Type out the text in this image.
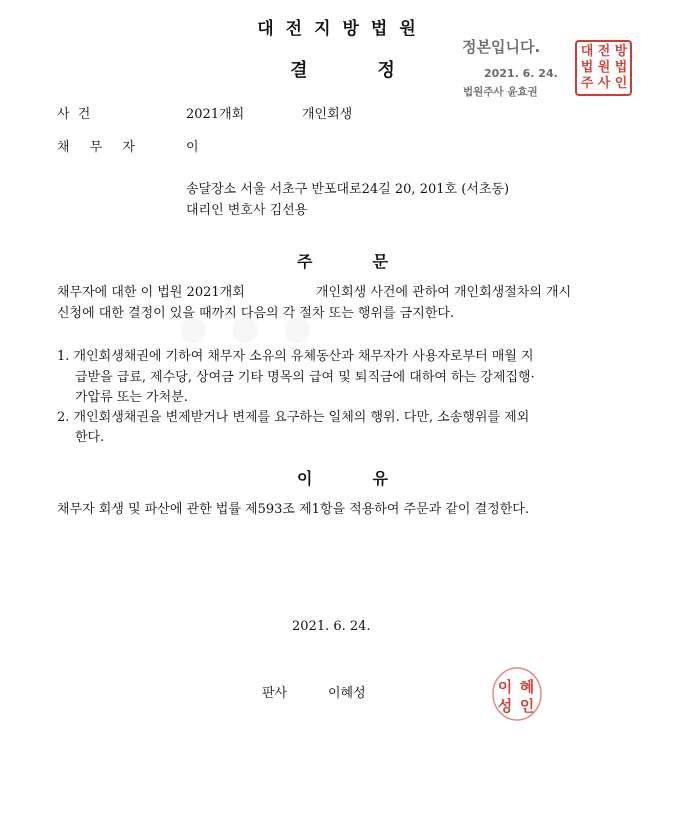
대전지방법원
결	정
정본입니다.
2021. 6. 24.
법원주사 윤효권
대 전 방
법 원 법
주 사 인
사 건	2021개회	개인회생
채 무 자	이
송달장소 서울 서초구 반포대로24길 20, 201호 (서초동)
대리인 변호사 김선용
주	문
채무자에 대한 이 법원 2021개회	개인회생 사건에 관하여 개인회생절차의 개시
신청에 대한 결정이 있을 때까지 다음의 각 절차 또는 행위를 금지한다.
1. 개인회생채권에 기하여 채무자 소유의 유체동산과 채무자가 사용자로부터 매월 지
급받을 급료, 제수당, 상여금 기타 명목의 급여 및 퇴직금에 대하여 하는 강제집행·
가압류 또는 가처분.
2. 개인회생채권을 변제받거나 변제를 요구하는 일체의 행위. 다만, 소송행위를 제외
한다.
이	유
채무자 회생 및 파산에 관한 법률 제593조 제1항을 적용하여 주문과 같이 결정한다.
2021. 6. 24.
판사	이혜성	이 혜
성 인
